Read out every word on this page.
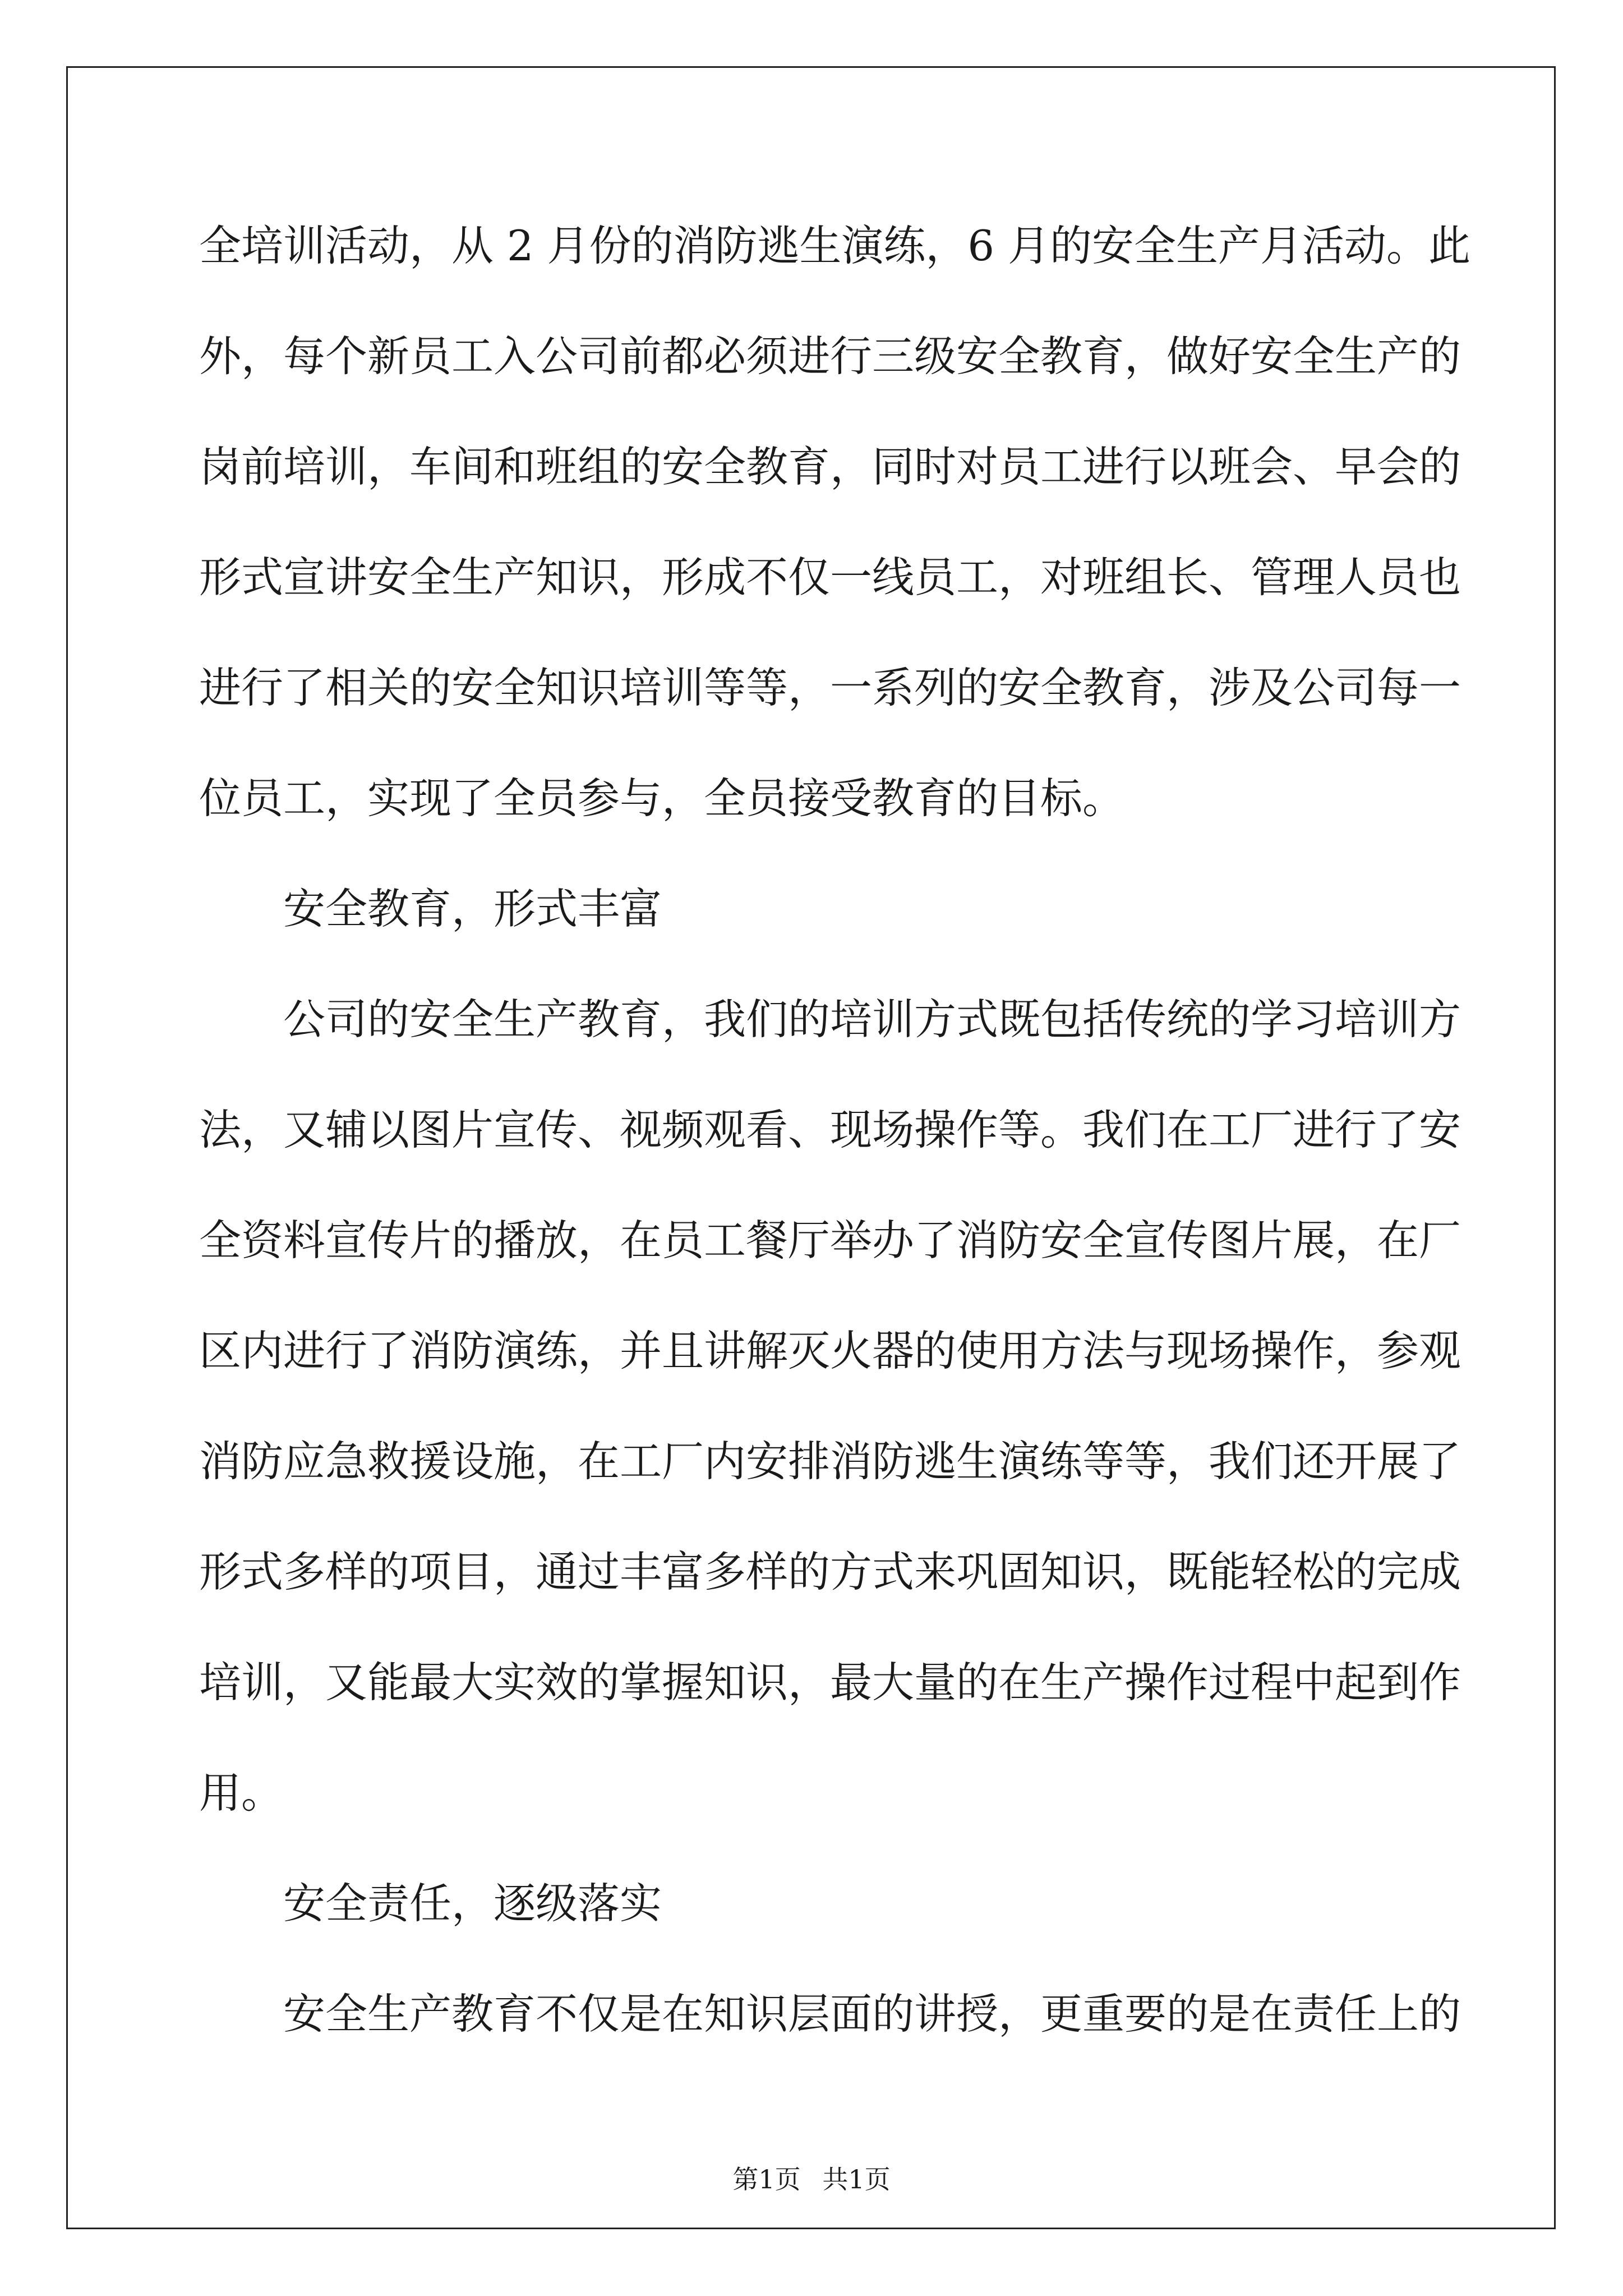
全培训活动，从 2 月份的消防逃生演练，6 月的安全生产月活动。此
外，每个新员工入公司前都必须进行三级安全教育，做好安全生产的
岗前培训，车间和班组的安全教育，同时对员工进行以班会、早会的
形式宣讲安全生产知识，形成不仅一线员工，对班组长、管理人员也
进行了相关的安全知识培训等等，一系列的安全教育，涉及公司每一
位员工，实现了全员参与，全员接受教育的目标。
安全教育，形式丰富
公司的安全生产教育，我们的培训方式既包括传统的学习培训方
法，又辅以图片宣传、视频观看、现场操作等。我们在工厂进行了安
全资料宣传片的播放，在员工餐厅举办了消防安全宣传图片展，在厂
区内进行了消防演练，并且讲解灭火器的使用方法与现场操作，参观
消防应急救援设施，在工厂内安排消防逃生演练等等，我们还开展了
形式多样的项目，通过丰富多样的方式来巩固知识，既能轻松的完成
培训，又能最大实效的掌握知识，最大量的在生产操作过程中起到作
用。
安全责任，逐级落实
安全生产教育不仅是在知识层面的讲授，更重要的是在责任上的
第1页 共1页
